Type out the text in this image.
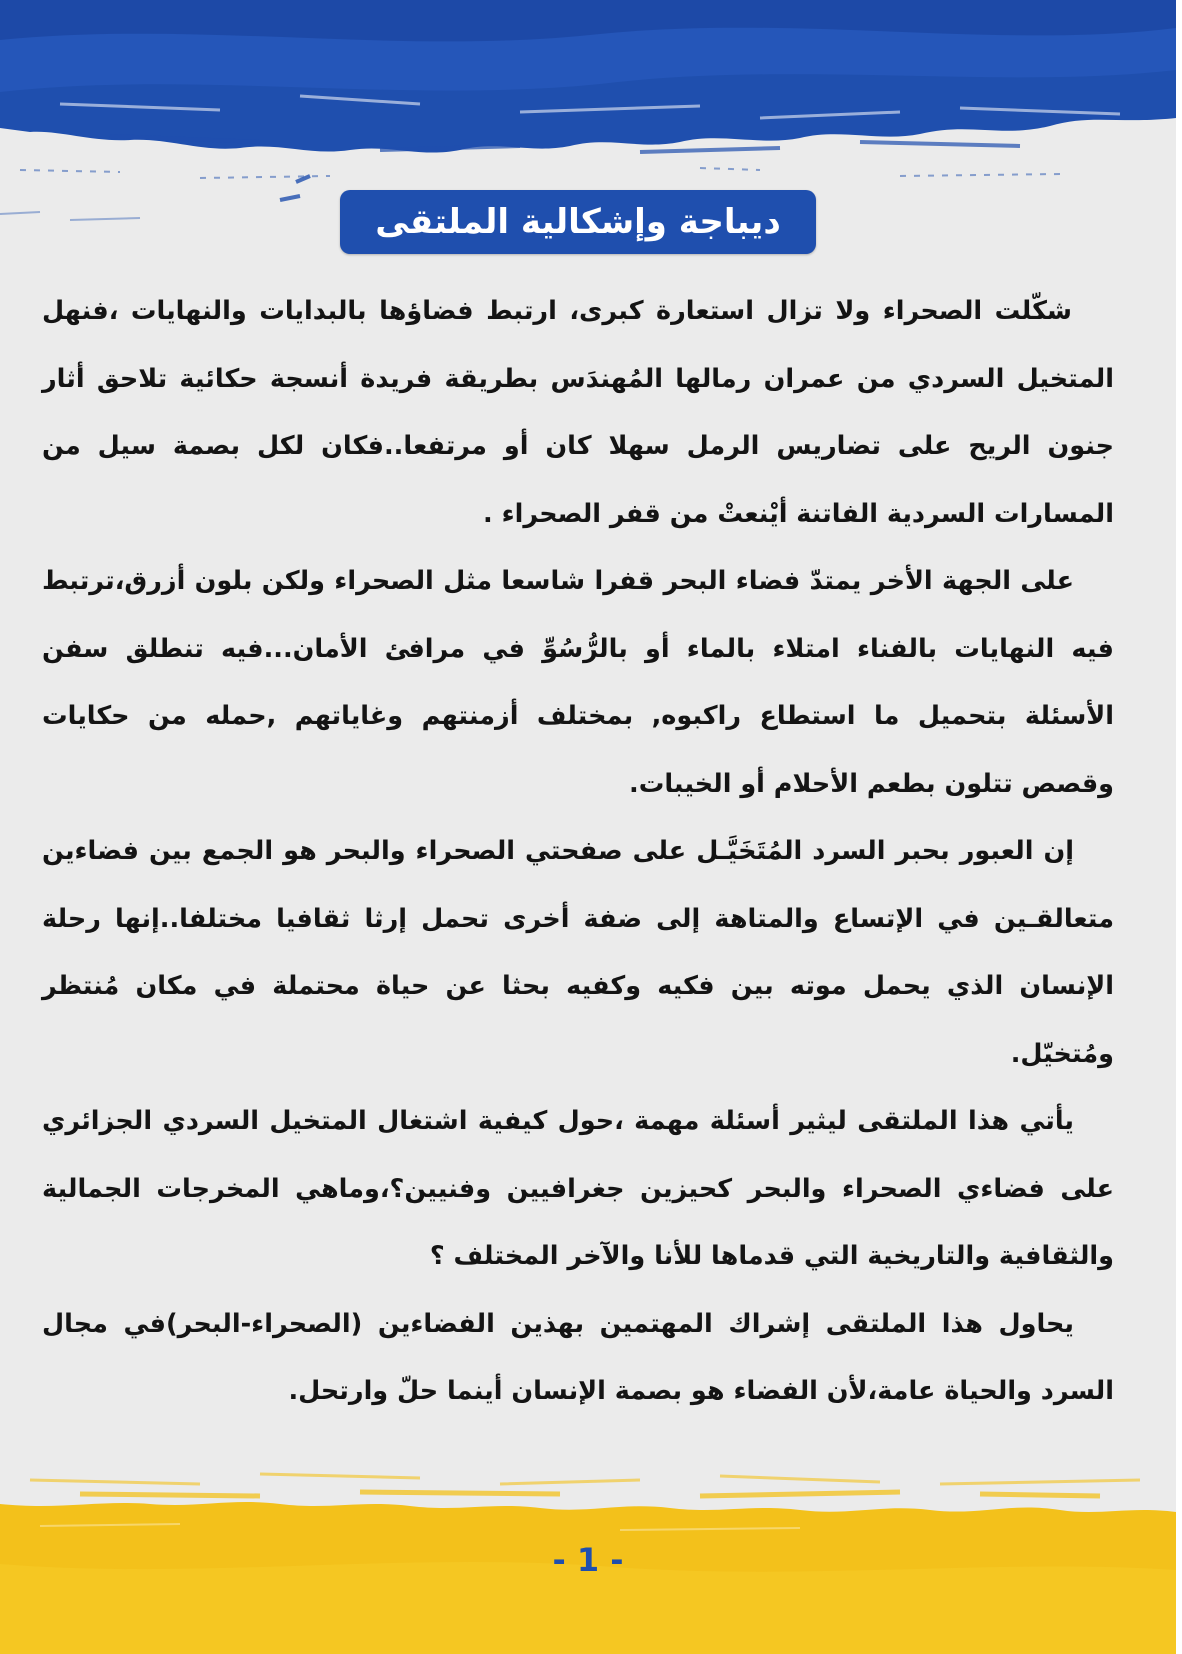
ديباجة وإشكالية الملتقى

شكّلت الصحراء ولا تزال استعارة كبرى، ارتبط فضاؤها بالبدايات والنهايات ،فنهل المتخيل السردي من عمران رمالها المُهندَس بطريقة فريدة أنسجة حكائية تلاحق أثار جنون الريح على تضاريس الرمل سهلا كان أو مرتفعا..فكان لكل بصمة سيل من المسارات السردية الفاتنة أيْنعتْ من قفر الصحراء .

على الجهة الأخر يمتدّ فضاء البحر قفرا شاسعا مثل الصحراء ولكن بلون أزرق،ترتبط فيه النهايات بالفناء امتلاء بالماء أو بالرُّسُوِّ في مرافئ الأمان...فيه تنطلق سفن الأسئلة بتحميل ما استطاع راكبوه, بمختلف أزمنتهم وغاياتهم ,حمله من حكايات وقصص تتلون بطعم الأحلام أو الخيبات.

إن العبور بحبر السرد المُتَخَيَّـل على صفحتي الصحراء والبحر هو الجمع بين فضاءين متعالقـين في الإتساع والمتاهة إلى ضفة أخرى تحمل إرثا ثقافيا مختلفا..إنها رحلة الإنسان الذي يحمل موته بين فكيه وكفيه بحثا عن حياة محتملة في مكان مُنتظر ومُتخيّل.

يأتي هذا الملتقى ليثير أسئلة مهمة ،حول كيفية اشتغال المتخيل السردي الجزائري على فضاءي الصحراء والبحر كحيزين جغرافيين وفنيين؟،وماهي المخرجات الجمالية والثقافية والتاريخية التي قدماها للأنا والآخر المختلف ؟

يحاول هذا الملتقى إشراك المهتمين بهذين الفضاءين (الصحراء-البحر)في مجال السرد والحياة عامة،لأن الفضاء هو بصمة الإنسان أينما حلّ وارتحل.

- 1 -
